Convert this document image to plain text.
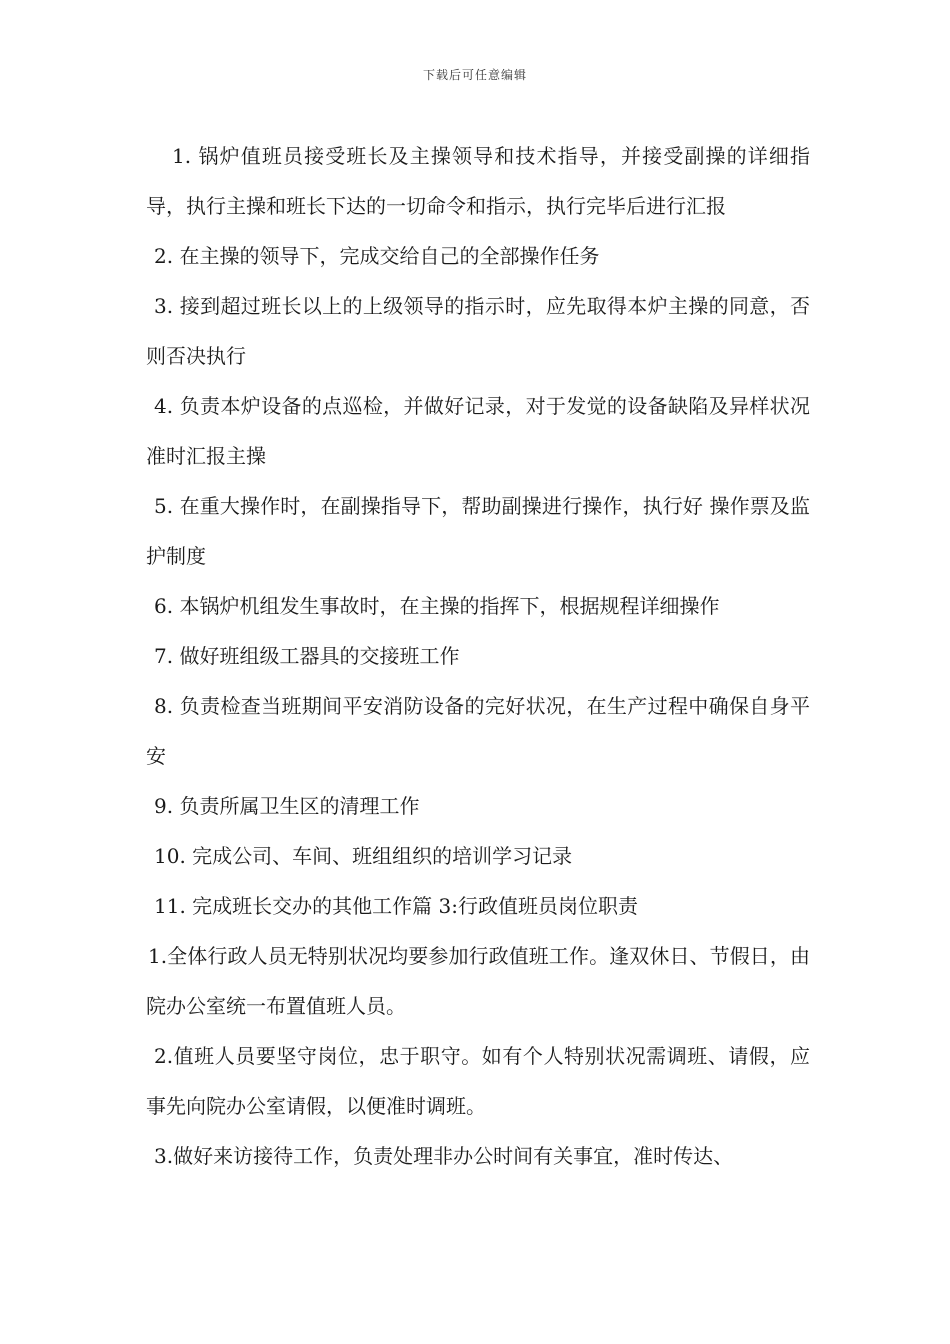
下载后可任意编辑

1. 锅炉值班员接受班长及主操领导和技术指导，并接受副操的详细指导，执行主操和班长下达的一切命令和指示，执行完毕后进行汇报

2. 在主操的领导下，完成交给自己的全部操作任务

3. 接到超过班长以上的上级领导的指示时，应先取得本炉主操的同意，否则否决执行

4. 负责本炉设备的点巡检，并做好记录，对于发觉的设备缺陷及异样状况准时汇报主操

5. 在重大操作时，在副操指导下，帮助副操进行操作，执行好 操作票及监护制度

6. 本锅炉机组发生事故时，在主操的指挥下，根据规程详细操作

7. 做好班组级工器具的交接班工作

8. 负责检查当班期间平安消防设备的完好状况，在生产过程中确保自身平安

9. 负责所属卫生区的清理工作

10. 完成公司、车间、班组组织的培训学习记录

11. 完成班长交办的其他工作篇 3:行政值班员岗位职责

1.全体行政人员无特别状况均要参加行政值班工作。逢双休日、节假日，由院办公室统一布置值班人员。

2.值班人员要坚守岗位，忠于职守。如有个人特别状况需调班、请假，应事先向院办公室请假，以便准时调班。

3.做好来访接待工作，负责处理非办公时间有关事宜，准时传达、
